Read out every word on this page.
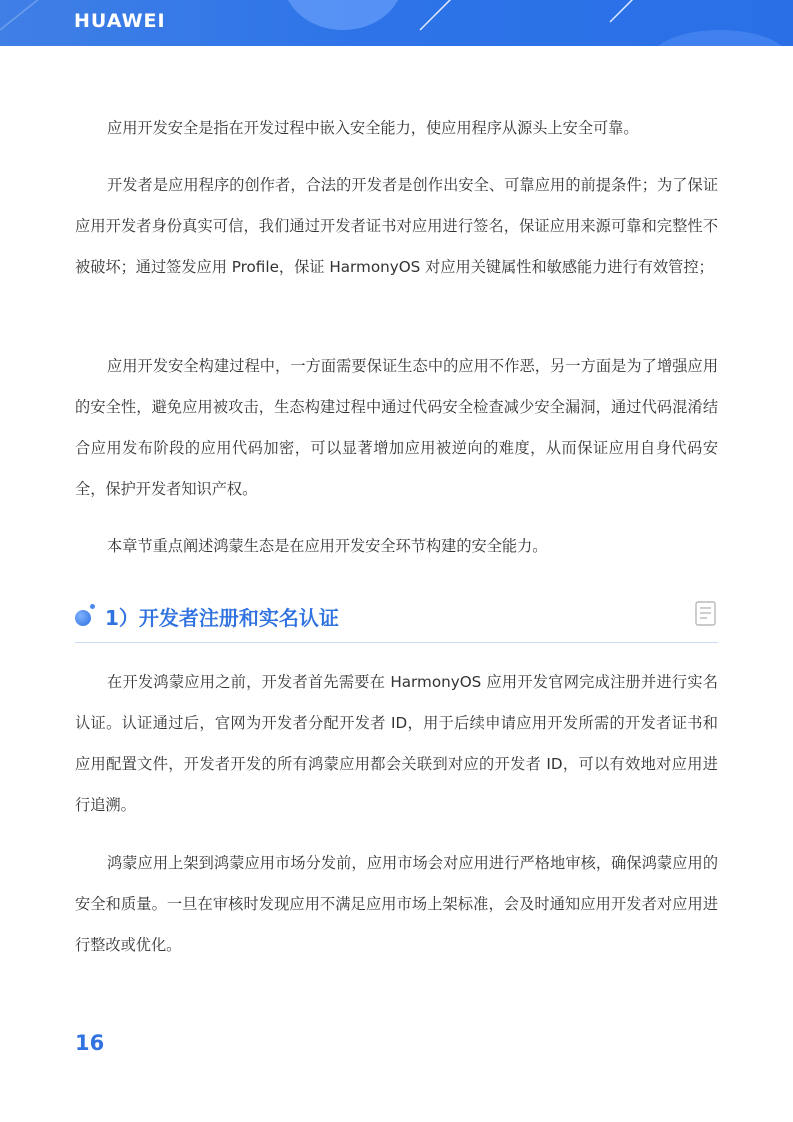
HUAWEI

应用开发安全是指在开发过程中嵌入安全能力，使应用程序从源头上安全可靠。

开发者是应用程序的创作者，合法的开发者是创作出安全、可靠应用的前提条件；为了保证应用开发者身份真实可信，我们通过开发者证书对应用进行签名，保证应用来源可靠和完整性不被破坏；通过签发应用 Profile，保证 HarmonyOS 对应用关键属性和敏感能力进行有效管控；

应用开发安全构建过程中，一方面需要保证生态中的应用不作恶，另一方面是为了增强应用的安全性，避免应用被攻击，生态构建过程中通过代码安全检查减少安全漏洞，通过代码混淆结合应用发布阶段的应用代码加密，可以显著增加应用被逆向的难度，从而保证应用自身代码安全，保护开发者知识产权。

本章节重点阐述鸿蒙生态是在应用开发安全环节构建的安全能力。

1）开发者注册和实名认证

在开发鸿蒙应用之前，开发者首先需要在 HarmonyOS 应用开发官网完成注册并进行实名认证。认证通过后，官网为开发者分配开发者 ID，用于后续申请应用开发所需的开发者证书和应用配置文件，开发者开发的所有鸿蒙应用都会关联到对应的开发者 ID，可以有效地对应用进行追溯。

鸿蒙应用上架到鸿蒙应用市场分发前，应用市场会对应用进行严格地审核，确保鸿蒙应用的安全和质量。一旦在审核时发现应用不满足应用市场上架标准，会及时通知应用开发者对应用进行整改或优化。

16
